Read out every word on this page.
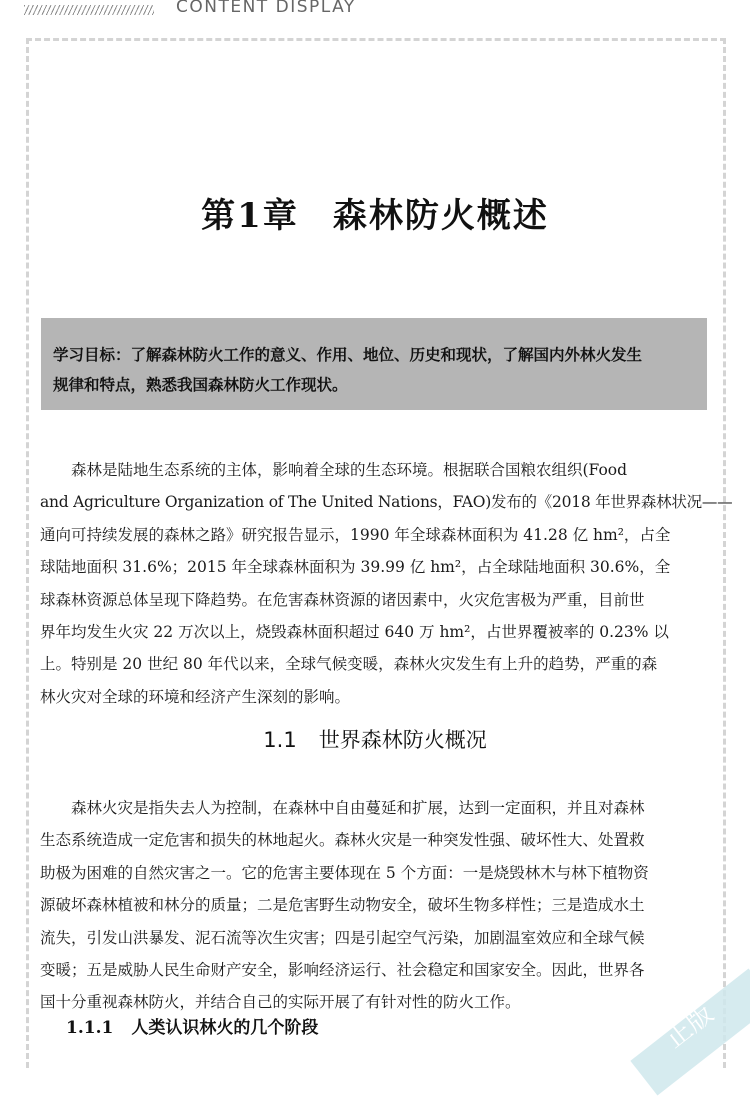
CONTENT DISPLAY
第1章 森林防火概述
学习目标：了解森林防火工作的意义、作用、地位、历史和现状，了解国内外林火发生
规律和特点，熟悉我国森林防火工作现状。
森林是陆地生态系统的主体，影响着全球的生态环境。根据联合国粮农组织(Food
and Agriculture Organization of The United Nations，FAO)发布的《2018 年世界森林状况——
通向可持续发展的森林之路》研究报告显示，1990 年全球森林面积为 41.28 亿 hm²，占全
球陆地面积 31.6%；2015 年全球森林面积为 39.99 亿 hm²，占全球陆地面积 30.6%，全
球森林资源总体呈现下降趋势。在危害森林资源的诸因素中，火灾危害极为严重，目前世
界年均发生火灾 22 万次以上，烧毁森林面积超过 640 万 hm²，占世界覆被率的 0.23% 以
上。特别是 20 世纪 80 年代以来，全球气候变暖，森林火灾发生有上升的趋势，严重的森
林火灾对全球的环境和经济产生深刻的影响。
1.1 世界森林防火概况
森林火灾是指失去人为控制，在森林中自由蔓延和扩展，达到一定面积，并且对森林
生态系统造成一定危害和损失的林地起火。森林火灾是一种突发性强、破坏性大、处置救
助极为困难的自然灾害之一。它的危害主要体现在 5 个方面：一是烧毁林木与林下植物资
源破坏森林植被和林分的质量；二是危害野生动物安全，破坏生物多样性；三是造成水土
流失，引发山洪暴发、泥石流等次生灾害；四是引起空气污染，加剧温室效应和全球气候
变暖；五是威胁人民生命财产安全，影响经济运行、社会稳定和国家安全。因此，世界各
国十分重视森林防火，并结合自己的实际开展了有针对性的防火工作。
1.1.1 人类认识林火的几个阶段	正版
